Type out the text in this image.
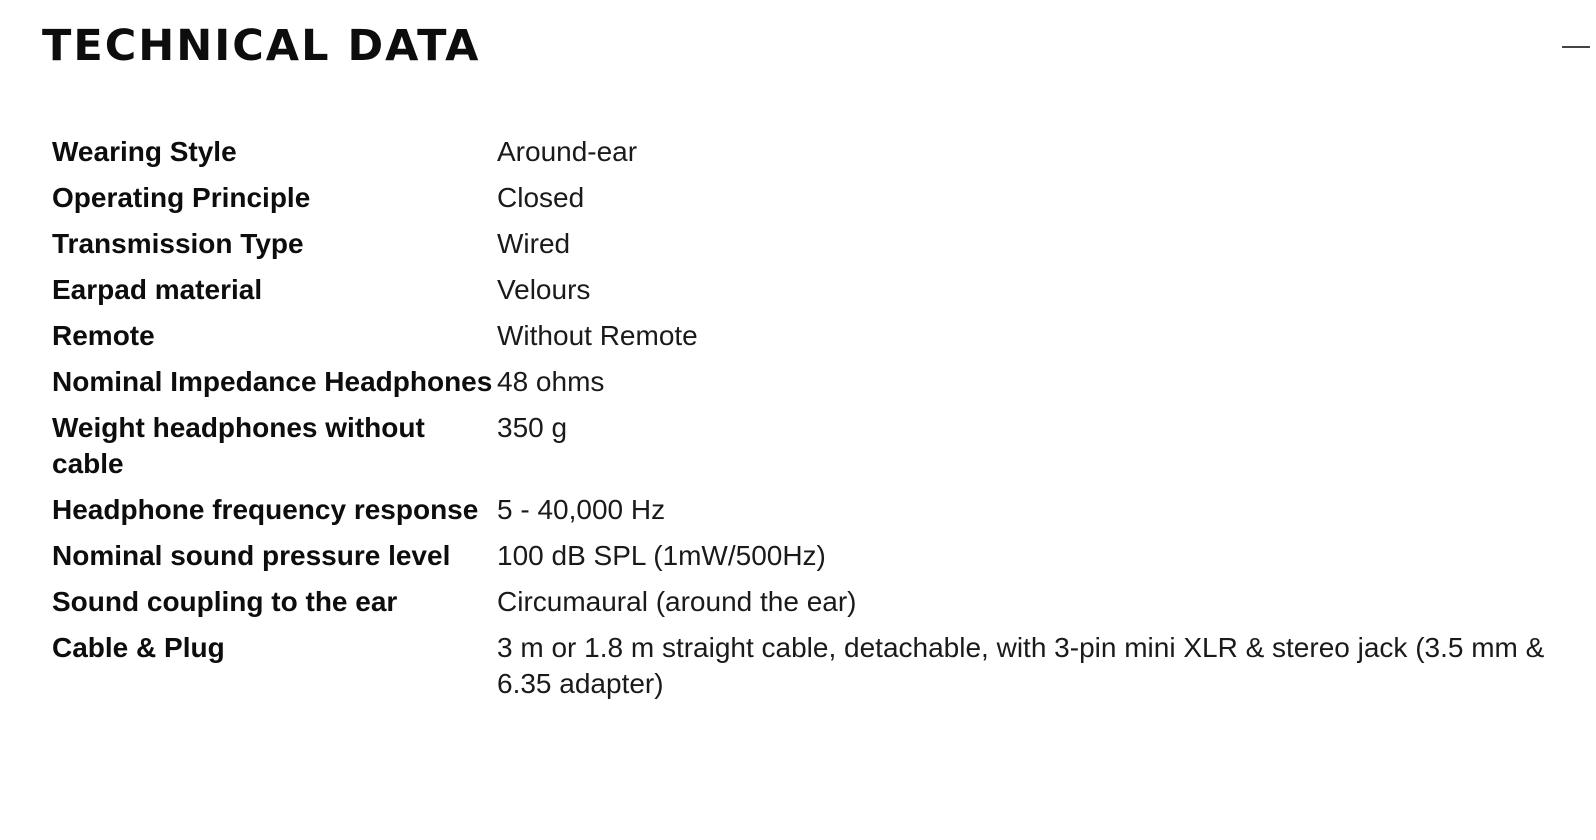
TECHNICAL DATA
Wearing Style	Around-ear
Operating Principle	Closed
Transmission Type	Wired
Earpad material	Velours
Remote	Without Remote
Nominal Impedance Headphones	48 ohms
Weight headphones without cable	350 g
Headphone frequency response	5 - 40,000 Hz
Nominal sound pressure level	100 dB SPL (1mW/500Hz)
Sound coupling to the ear	Circumaural (around the ear)
Cable & Plug	3 m or 1.8 m straight cable, detachable, with 3-pin mini XLR & stereo jack (3.5 mm & 6.35 adapter)
